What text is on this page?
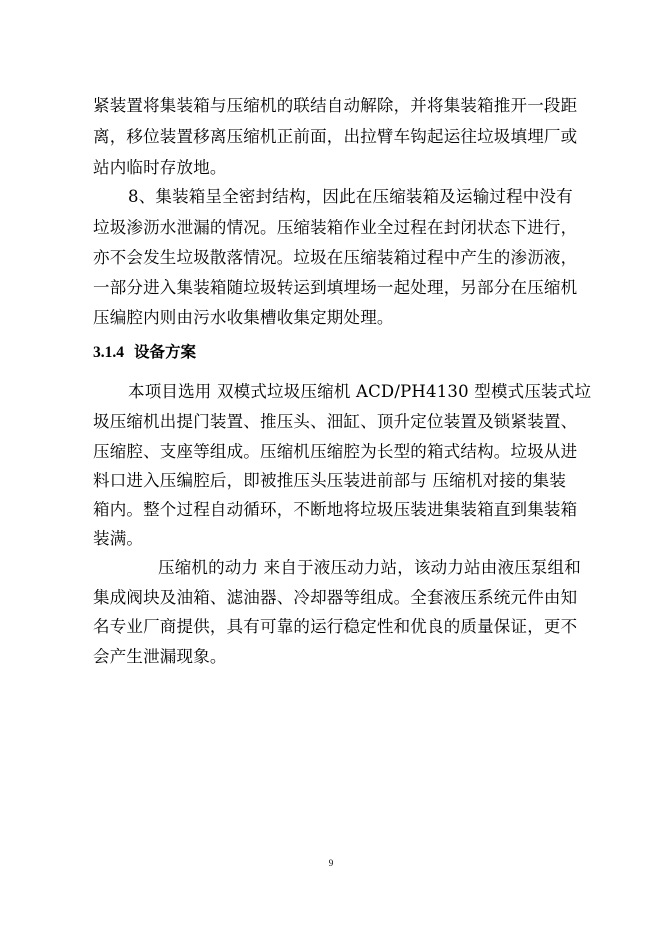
紧装置将集装箱与压缩机的联结自动解除，并将集装箱推开一段距
离，移位装置移离压缩机正前面，出拉臂车钩起运往垃圾填埋厂或
站内临时存放地。
8、集装箱呈全密封结构，因此在压缩装箱及运输过程中没有
垃圾渗沥水泄漏的情况。压缩装箱作业全过程在封闭状态下进行，
亦不会发生垃圾散落情况。垃圾在压缩装箱过程中产生的渗沥液，
一部分进入集装箱随垃圾转运到填埋场一起处理，另部分在压缩机
压编腔内则由污水收集槽收集定期处理。
3.1.4 设备方案
本项目选用 双模式垃圾压缩机 ACD/PH4130 型模式压装式垃
圾压缩机出提门装置、推压头、沺缸、顶升定位装置及锁紧装置、
压缩腔、支座等组成。压缩机压缩腔为长型的箱式结构。垃圾从进
料口进入压编腔后，即被推压头压装进前部与 压缩机对接的集装
箱内。整个过程自动循环，不断地将垃圾压装进集装箱直到集装箱
装满。
压缩机的动力 来自于液压动力站，该动力站由液压泵组和
集成阀块及油箱、滤油器、冷却器等组成。全套液压系统元件由知
名专业厂商提供，具有可靠的运行稳定性和优良的质量保证，更不
会产生泄漏现象。
9
